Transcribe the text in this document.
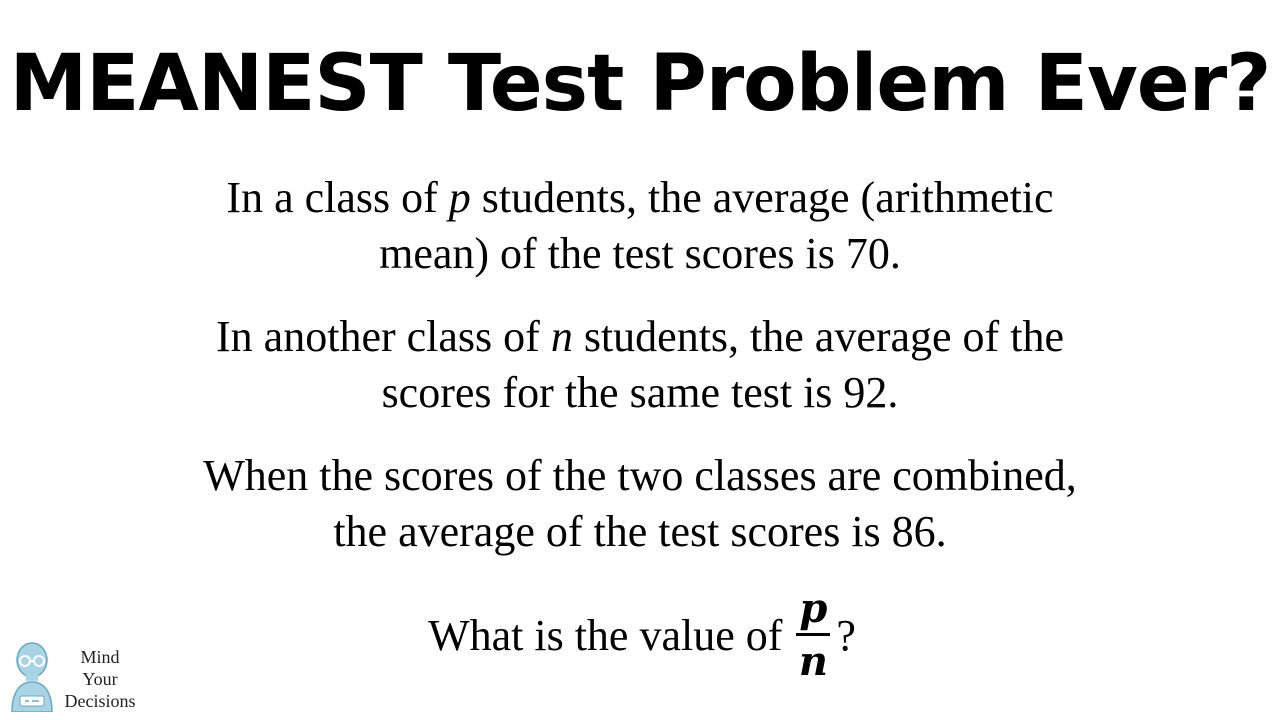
MEANEST Test Problem Ever?

In a class of p students, the average (arithmetic
mean) of the test scores is 70.

In another class of n students, the average of the
scores for the same test is 92.

When the scores of the two classes are combined,
the average of the test scores is 86.

What is the value of $\frac{p}{n}$ ?
Mind
Your
Decisions
